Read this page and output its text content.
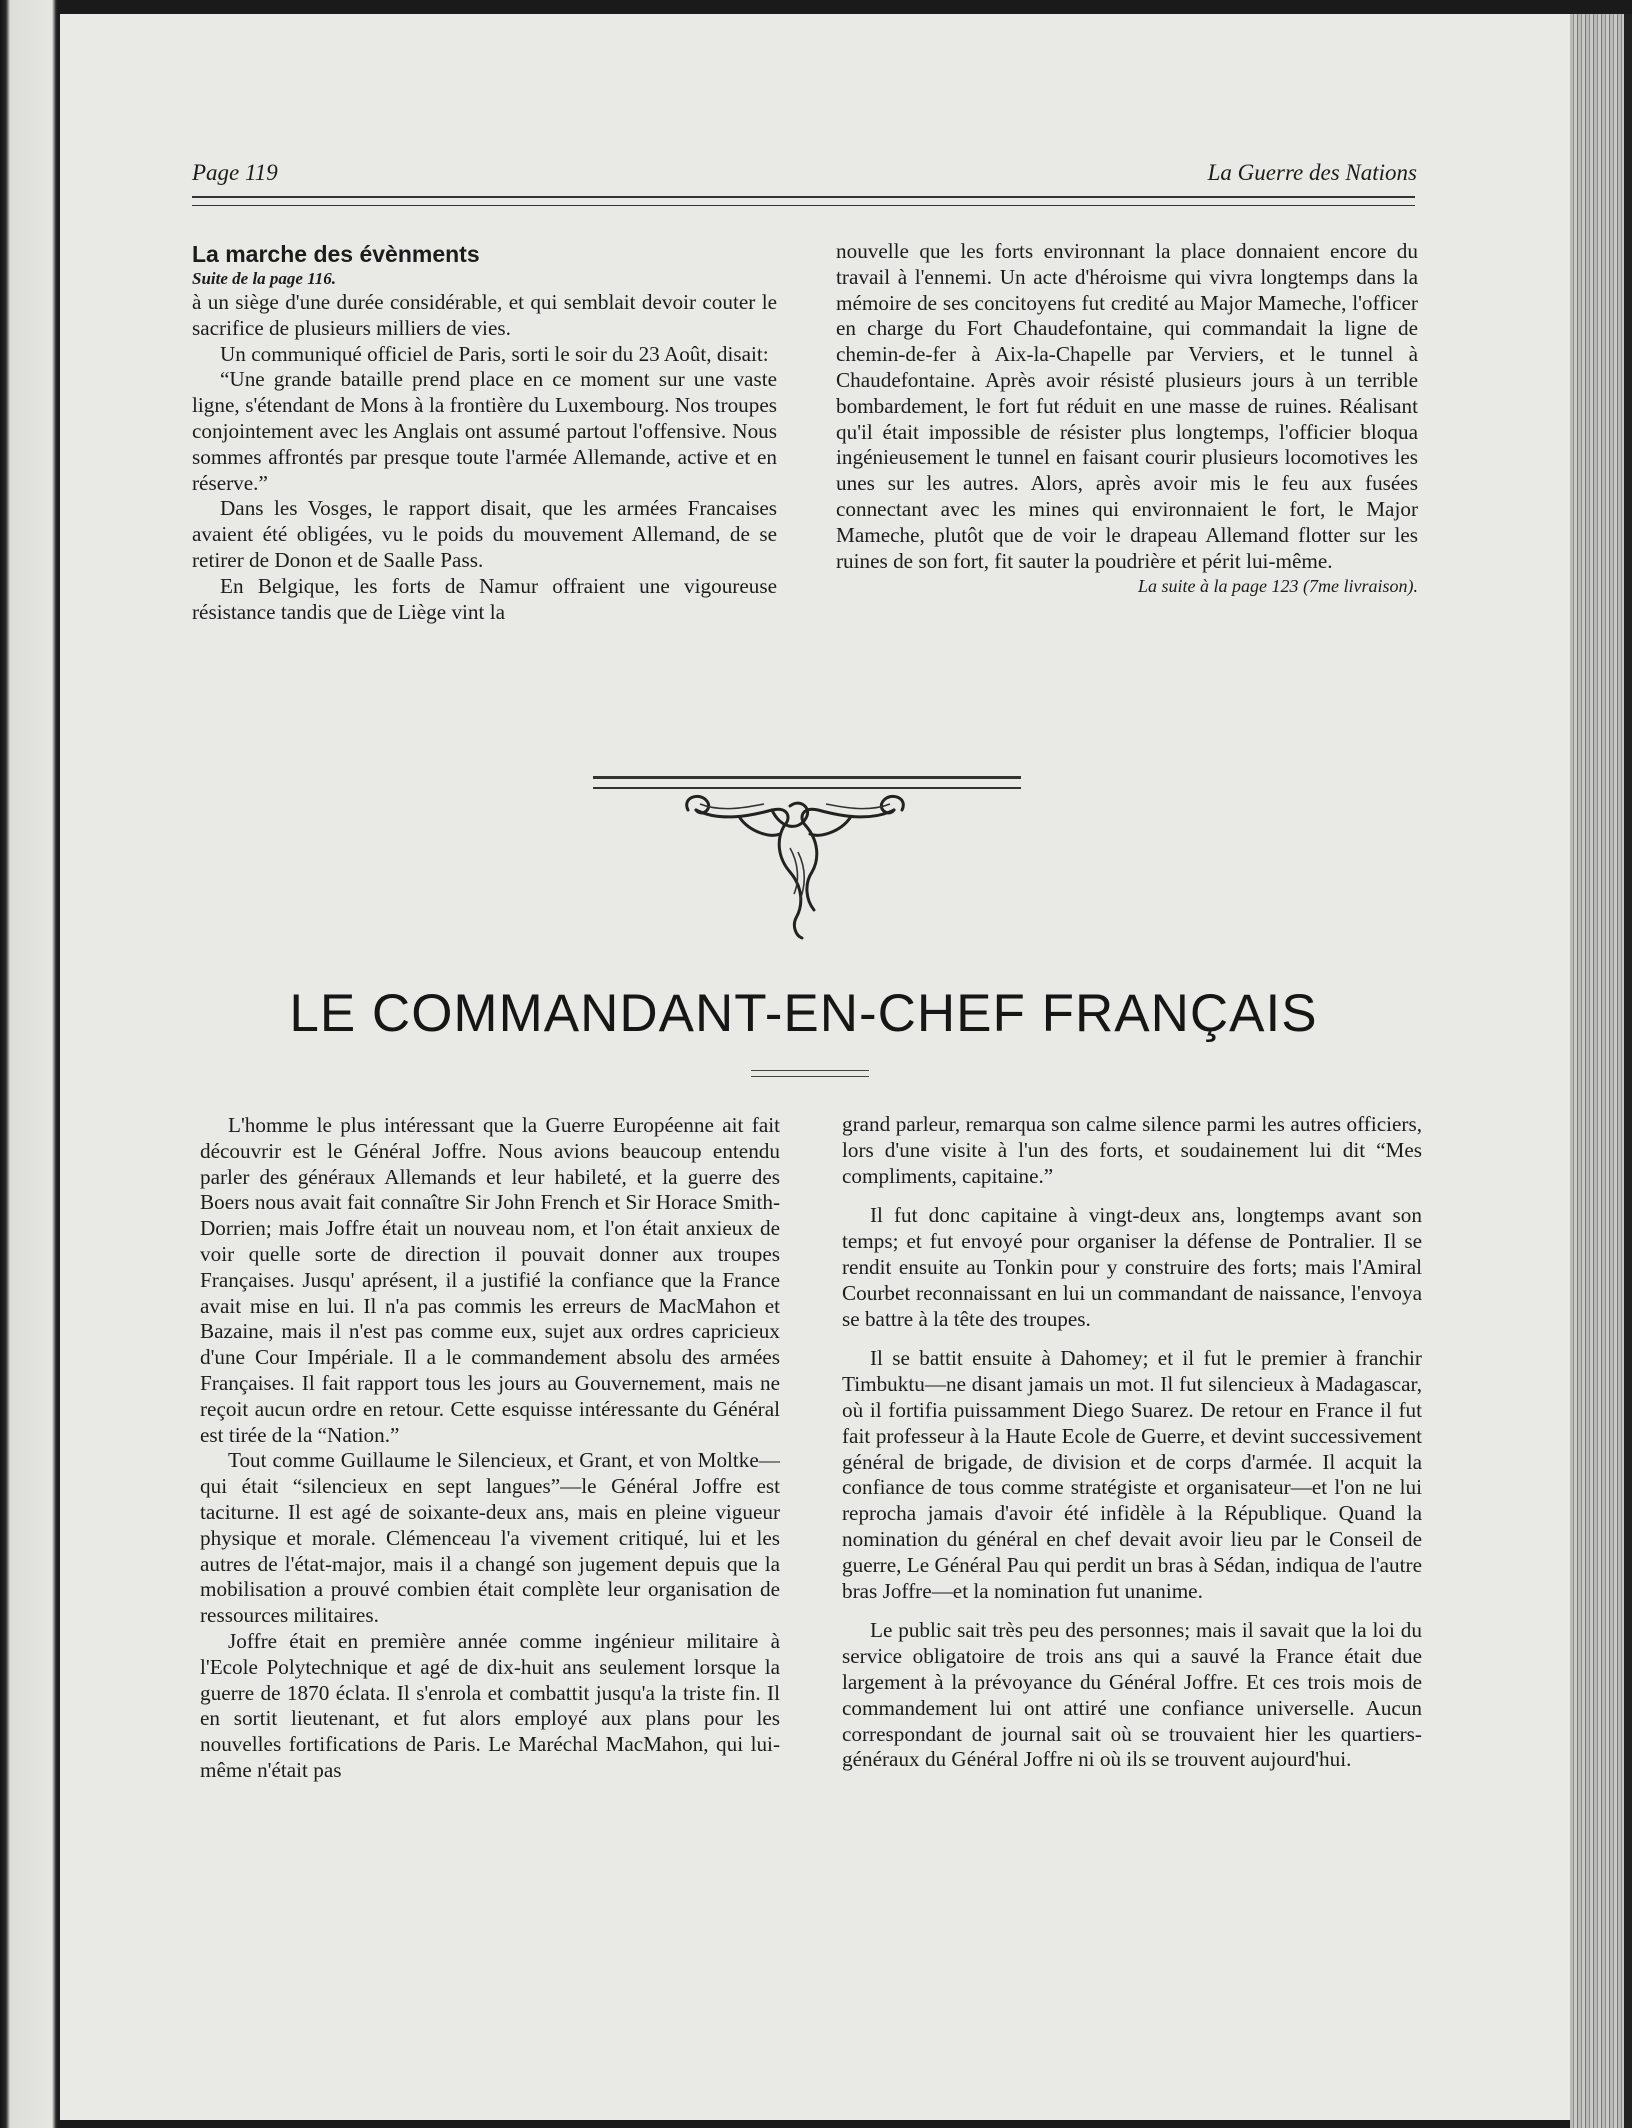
Page 119	La Guerre des Nations
La marche des évènments

Suite de la page 116.

à un siège d'une durée considérable, et qui semblait devoir couter le sacrifice de plusieurs milliers de vies.

Un communiqué officiel de Paris, sorti le soir du 23 Août, disait:

“Une grande bataille prend place en ce moment sur une vaste ligne, s'étendant de Mons à la frontière du Luxembourg. Nos troupes conjointement avec les Anglais ont assumé partout l'offensive. Nous sommes affrontés par presque toute l'armée Allemande, active et en réserve.”

Dans les Vosges, le rapport disait, que les armées Francaises avaient été obligées, vu le poids du mouvement Allemand, de se retirer de Donon et de Saalle Pass.

En Belgique, les forts de Namur offraient une vigoureuse résistance tandis que de Liège vint la

nouvelle que les forts environnant la place donnaient encore du travail à l'ennemi. Un acte d'héroisme qui vivra longtemps dans la mémoire de ses concitoyens fut credité au Major Mameche, l'officer en charge du Fort Chaudefontaine, qui commandait la ligne de chemin-de-fer à Aix-la-Chapelle par Verviers, et le tunnel à Chaudefontaine. Après avoir résisté plusieurs jours à un terrible bombardement, le fort fut réduit en une masse de ruines. Réalisant qu'il était impossible de résister plus longtemps, l'officier bloqua ingénieusement le tunnel en faisant courir plusieurs locomotives les unes sur les autres. Alors, après avoir mis le feu aux fusées connectant avec les mines qui environnaient le fort, le Major Mameche, plutôt que de voir le drapeau Allemand flotter sur les ruines de son fort, fit sauter la poudrière et périt lui-même.

La suite à la page 123 (7me livraison).

LE COMMANDANT-EN-CHEF FRANÇAIS

L'homme le plus intéressant que la Guerre Européenne ait fait découvrir est le Général Joffre. Nous avions beaucoup entendu parler des généraux Allemands et leur habileté, et la guerre des Boers nous avait fait connaître Sir John French et Sir Horace Smith-Dorrien; mais Joffre était un nouveau nom, et l'on était anxieux de voir quelle sorte de direction il pouvait donner aux troupes Françaises. Jusqu' aprésent, il a justifié la confiance que la France avait mise en lui. Il n'a pas commis les erreurs de MacMahon et Bazaine, mais il n'est pas comme eux, sujet aux ordres capricieux d'une Cour Impériale. Il a le commandement absolu des armées Françaises. Il fait rapport tous les jours au Gouvernement, mais ne reçoit aucun ordre en retour. Cette esquisse intéressante du Général est tirée de la “Nation.”

Tout comme Guillaume le Silencieux, et Grant, et von Moltke—qui était “silencieux en sept langues”—le Général Joffre est taciturne. Il est agé de soixante-deux ans, mais en pleine vigueur physique et morale. Clémenceau l'a vivement critiqué, lui et les autres de l'état-major, mais il a changé son jugement depuis que la mobilisation a prouvé combien était complète leur organisation de ressources militaires.

Joffre était en première année comme ingénieur militaire à l'Ecole Polytechnique et agé de dix-huit ans seulement lorsque la guerre de 1870 éclata. Il s'enrola et combattit jusqu'a la triste fin. Il en sortit lieutenant, et fut alors employé aux plans pour les nouvelles fortifications de Paris. Le Maréchal MacMahon, qui lui-même n'était pas

grand parleur, remarqua son calme silence parmi les autres officiers, lors d'une visite à l'un des forts, et soudainement lui dit “Mes compliments, capitaine.”

Il fut donc capitaine à vingt-deux ans, longtemps avant son temps; et fut envoyé pour organiser la défense de Pontralier. Il se rendit ensuite au Tonkin pour y construire des forts; mais l'Amiral Courbet reconnaissant en lui un commandant de naissance, l'envoya se battre à la tête des troupes.

Il se battit ensuite à Dahomey; et il fut le premier à franchir Timbuktu—ne disant jamais un mot. Il fut silencieux à Madagascar, où il fortifia puissamment Diego Suarez. De retour en France il fut fait professeur à la Haute Ecole de Guerre, et devint successivement général de brigade, de division et de corps d'armée. Il acquit la confiance de tous comme stratégiste et organisateur—et l'on ne lui reprocha jamais d'avoir été infidèle à la République. Quand la nomination du général en chef devait avoir lieu par le Conseil de guerre, Le Général Pau qui perdit un bras à Sédan, indiqua de l'autre bras Joffre—et la nomination fut unanime.

Le public sait très peu des personnes; mais il savait que la loi du service obligatoire de trois ans qui a sauvé la France était due largement à la prévoyance du Général Joffre. Et ces trois mois de commandement lui ont attiré une confiance universelle. Aucun correspondant de journal sait où se trouvaient hier les quartiers-généraux du Général Joffre ni où ils se trouvent aujourd'hui.
